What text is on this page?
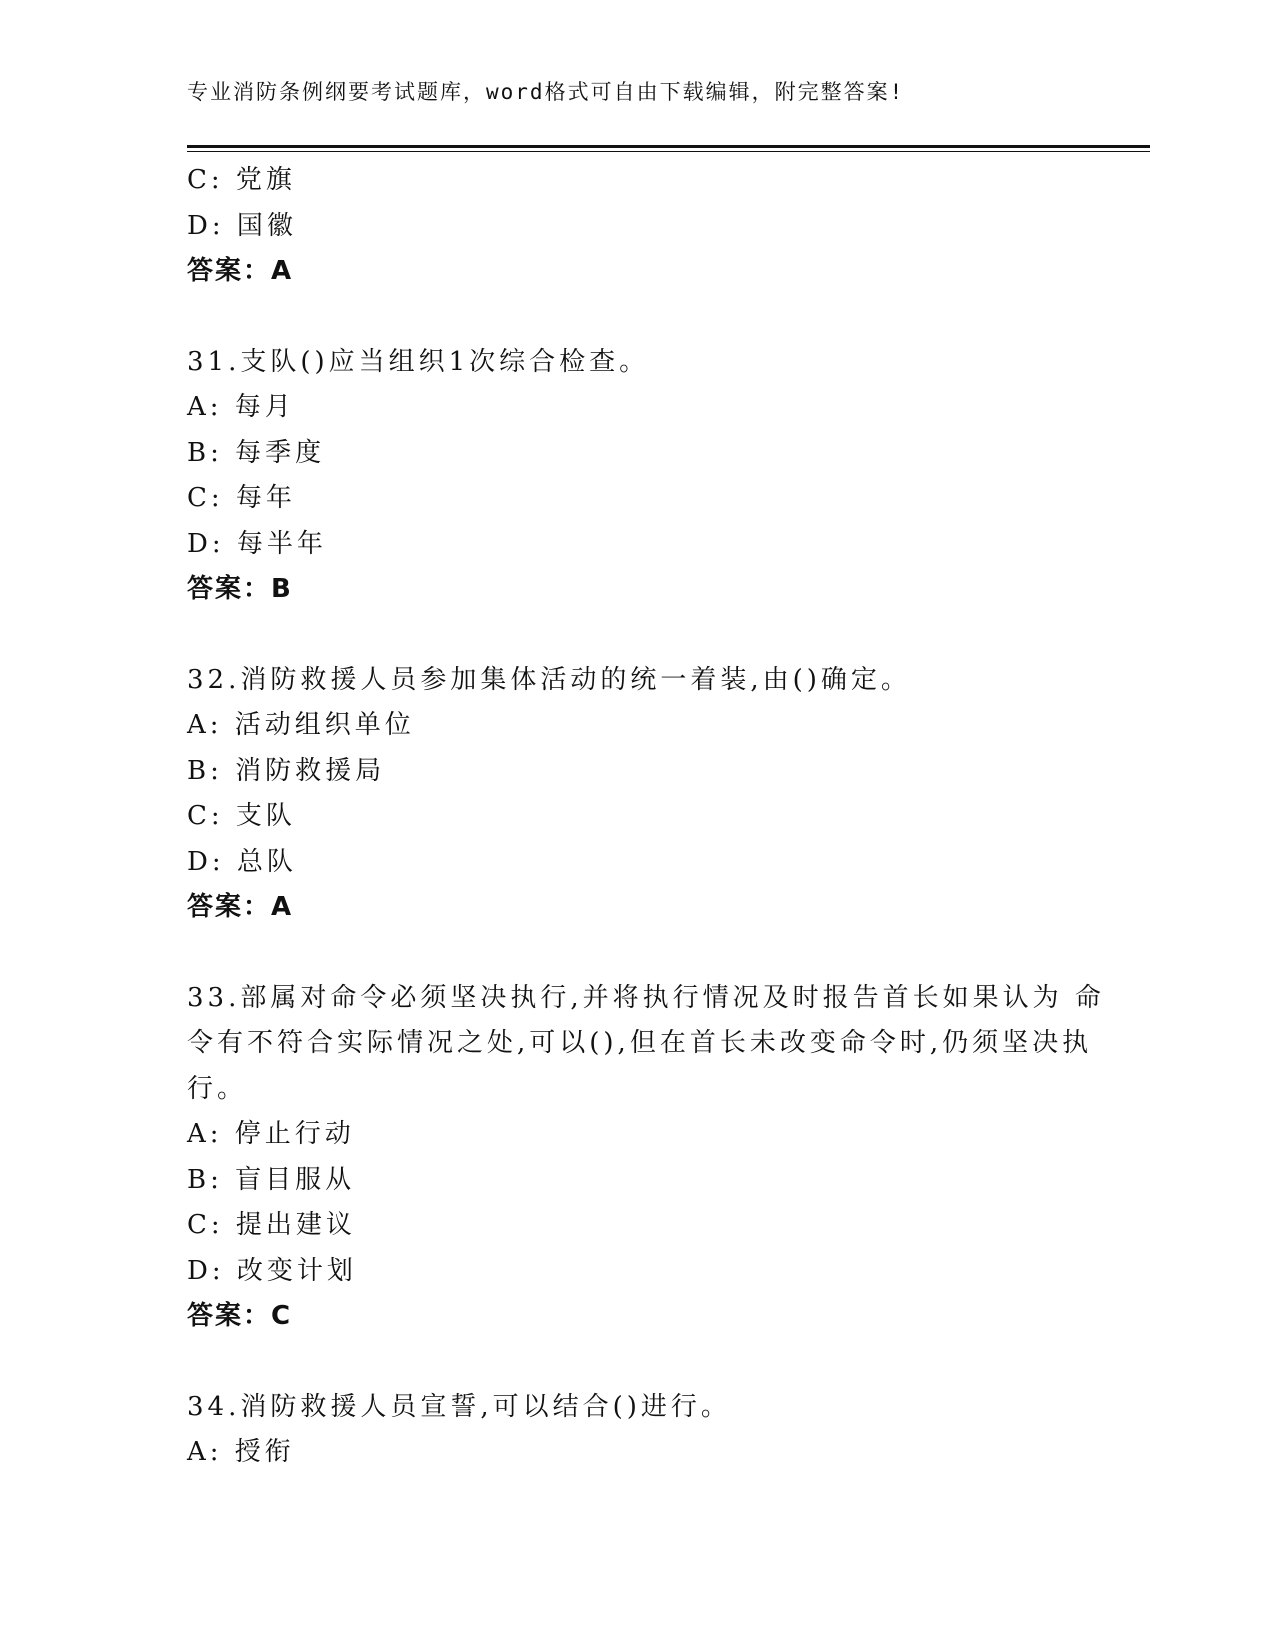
专业消防条例纲要考试题库，word格式可自由下载编辑，附完整答案!
C: 党旗
D: 国徽
答案：A
31.支队()应当组织1次综合检查。
A: 每月
B: 每季度
C: 每年
D: 每半年
答案：B
32.消防救援人员参加集体活动的统一着装,由()确定。
A: 活动组织单位
B: 消防救援局
C: 支队
D: 总队
答案：A
33.部属对命令必须坚决执行,并将执行情况及时报告首长如果认为 命
令有不符合实际情况之处,可以(),但在首长未改变命令时,仍须坚决执
行。
A: 停止行动
B: 盲目服从
C: 提出建议
D: 改变计划
答案：C
34.消防救援人员宣誓,可以结合()进行。
A: 授衔
